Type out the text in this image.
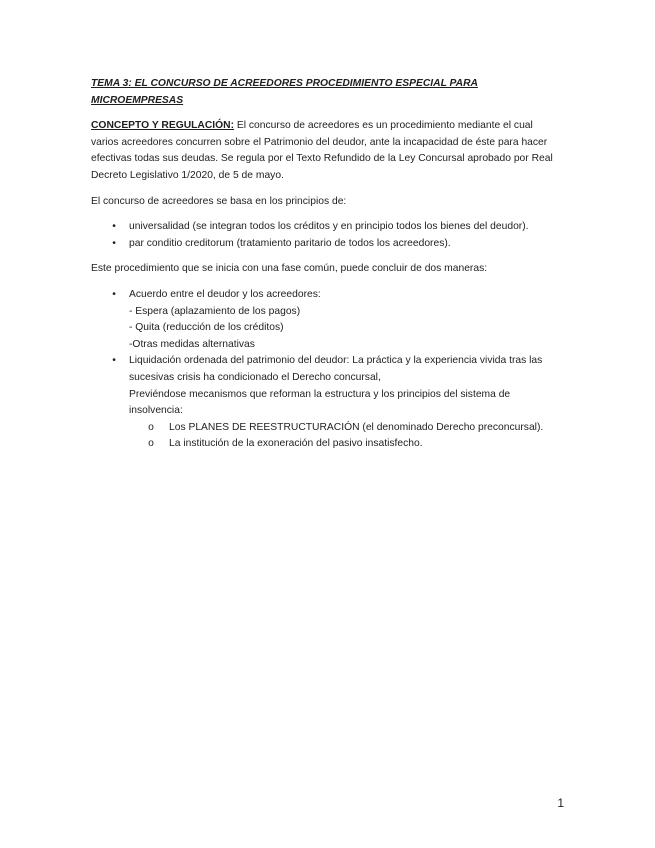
TEMA 3: EL CONCURSO DE ACREEDORES PROCEDIMIENTO ESPECIAL PARA MICROEMPRESAS

CONCEPTO Y REGULACIÓN: El concurso de acreedores es un procedimiento mediante el cual varios acreedores concurren sobre el Patrimonio del deudor, ante la incapacidad de éste para hacer efectivas todas sus deudas. Se regula por el Texto Refundido de la Ley Concursal aprobado por Real Decreto Legislativo 1/2020, de 5 de mayo.

El concurso de acreedores se basa en los principios de:

•	universalidad (se integran todos los créditos y en principio todos los bienes del deudor).
•	par conditio creditorum (tratamiento paritario de todos los acreedores).

Este procedimiento que se inicia con una fase común, puede concluir de dos maneras:

•	Acuerdo entre el deudor y los acreedores:
- Espera (aplazamiento de los pagos)
- Quita (reducción de los créditos)
-Otras medidas alternativas
•	Liquidación ordenada del patrimonio del deudor: La práctica y la experiencia vivida tras las sucesivas crisis ha condicionado el Derecho concursal,
Previéndose mecanismos que reforman la estructura y los principios del sistema de insolvencia:
o Los PLANES DE REESTRUCTURACIÓN (el denominado Derecho preconcursal).
o La institución de la exoneración del pasivo insatisfecho.
1
